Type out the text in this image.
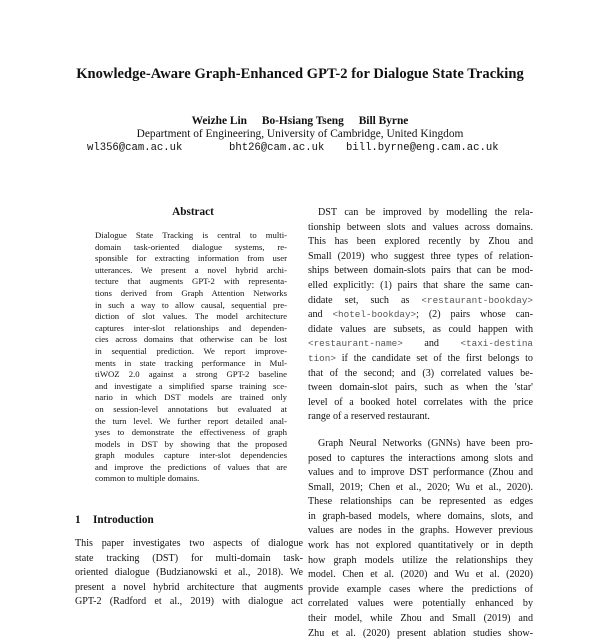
Knowledge-Aware Graph-Enhanced GPT-2 for Dialogue State Tracking
Weizhe Lin Bo-Hsiang Tseng Bill Byrne
Department of Engineering, University of Cambridge, United Kingdom
wl356@cam.ac.uk	bht26@cam.ac.uk bill.byrne@eng.cam.ac.uk
Abstract
Dialogue State Tracking is central to multi-
domain task-oriented dialogue systems, re-
sponsible for extracting information from user
utterances. We present a novel hybrid archi-
tecture that augments GPT-2 with representa-
tions derived from Graph Attention Networks
in such a way to allow causal, sequential pre-
diction of slot values. The model architecture
captures inter-slot relationships and dependen-
cies across domains that otherwise can be lost
in sequential prediction. We report improve-
ments in state tracking performance in Mul-
tiWOZ 2.0 against a strong GPT-2 baseline
and investigate a simplified sparse training sce-
nario in which DST models are trained only
on session-level annotations but evaluated at
the turn level. We further report detailed anal-
yses to demonstrate the effectiveness of graph
models in DST by showing that the proposed
graph modules capture inter-slot dependencies
and improve the predictions of values that are
common to multiple domains.
1 Introduction
This paper investigates two aspects of dialogue
state tracking (DST) for multi-domain task-
oriented dialogue (Budzianowski et al., 2018). We
present a novel hybrid architecture that augments
GPT-2 (Radford et al., 2019) with dialogue act
DST can be improved by modelling the rela-
tionship between slots and values across domains.
This has been explored recently by Zhou and
Small (2019) who suggest three types of relation-
ships between domain-slots pairs that can be mod-
elled explicitly: (1) pairs that share the same can-
didate set, such as <restaurant-bookday>
and <hotel-bookday>; (2) pairs whose can-
didate values are subsets, as could happen with
<restaurant-name> and <taxi-destina
tion> if the candidate set of the first belongs to
that of the second; and (3) correlated values be-
tween domain-slot pairs, such as when the 'star'
level of a booked hotel correlates with the price
range of a reserved restaurant.
Graph Neural Networks (GNNs) have been pro-
posed to captures the interactions among slots and
values and to improve DST performance (Zhou and
Small, 2019; Chen et al., 2020; Wu et al., 2020).
These relationships can be represented as edges
in graph-based models, where domains, slots, and
values are nodes in the graphs. However previous
work has not explored quantitatively or in depth
how graph models utilize the relationships they
model. Chen et al. (2020) and Wu et al. (2020)
provide example cases where the predictions of
correlated values were potentially enhanced by
their model, while Zhou and Small (2019) and
Zhu et al. (2020) present ablation studies show-
